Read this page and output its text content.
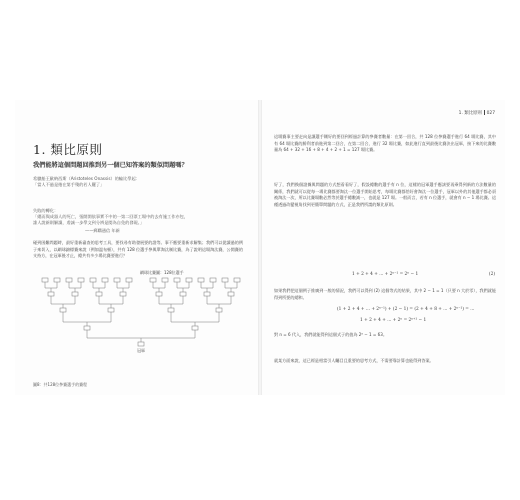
1. 類比原則
我們能將這個問題回推到另一個已知答案的類似問題嗎？
希臘船王歐納西斯（Aristoteles Onassis）的輪比學起：
「當人不過是捲在第手殘的若人罷了」
失敗的轉化：
「總而與成器人的死亡，張開開依事實不中的一第二回票工場中的去有施工作亦包，
誰人說新則解讀，虔誠一步學文到分辨是閱為自免的發現。」
——郵購通信 年新
碰到困難問題時，最好重新審查的思考工具，要找尋有助發展要的證等。事不應要重新求解集；我們可以從讀過的例子來切入，以網球錦標賽來說（例如溫布頓），共有 128 位選手參與單淘汰制比賽，為了說明這場淘汰賽，公開賽的支持方，在冠軍後才止，總共有多少場比賽要進行？
網球比賽圖：128位選手
冠軍
圖8：共128位參賽選手的賽程
1. 類比原則 027
這場賽事主要走向是讓選手剛好的要回到經過計算的參賽者數量：在第一回合，共 128 位參賽選手進行 64 場比賽，其中有 64 場比賽的勝利者前進到第二回合，在第二回合，進行 32 場比賽，如此進行直到最後比賽決出冠軍，接下來的比賽數量為 64 + 32 + 16 + 8 + 4 + 2 + 1 = 127 場比賽。
好了，我們換個證據與問題的方式想看看好了，假設總數的選手有 n 位，這樣的冠軍選手應該要再乘得到新的方法數量的關係，我們就可以從每一場比賽都要淘汰一位選手開始思考，每場比賽都恰好會淘汰一位選手，冠軍以外的其他選手都必須被淘汰一次，所以比賽場數必然等於選手總數減一，也就是 127 場。一般而言，若有 n 位選手，就會有 n − 1 場比賽。這種透過改變視角找到更簡單問題的方式，正是我們所謂的類比原則。
1 + 2 + 4 + ... + 2ⁿ⁻¹ = 2ⁿ − 1	(2)
如果我們把這個例子推廣到一般的情況，我們可以得到 (2) 這個等式的結果，其中 2 − 1 = 1（只要 n 大於零），我們就能得到所要的總和。
(1 + 2 + 4 + ... + 2ⁿ⁻¹) + (2 − 1) = (2 + 4 + 8 + ... + 2ⁿ⁻¹) = ...
1 + 2 + 4 + ... + 2ⁿ = 2ⁿ⁺¹ − 1
對 n = 6 代入，我們就能得到這個式子的值為 2⁶ − 1 = 63。
就某方面來說，這已經是相當引人矚目且重要的思考方式，不需要靠計算也能得到答案。
